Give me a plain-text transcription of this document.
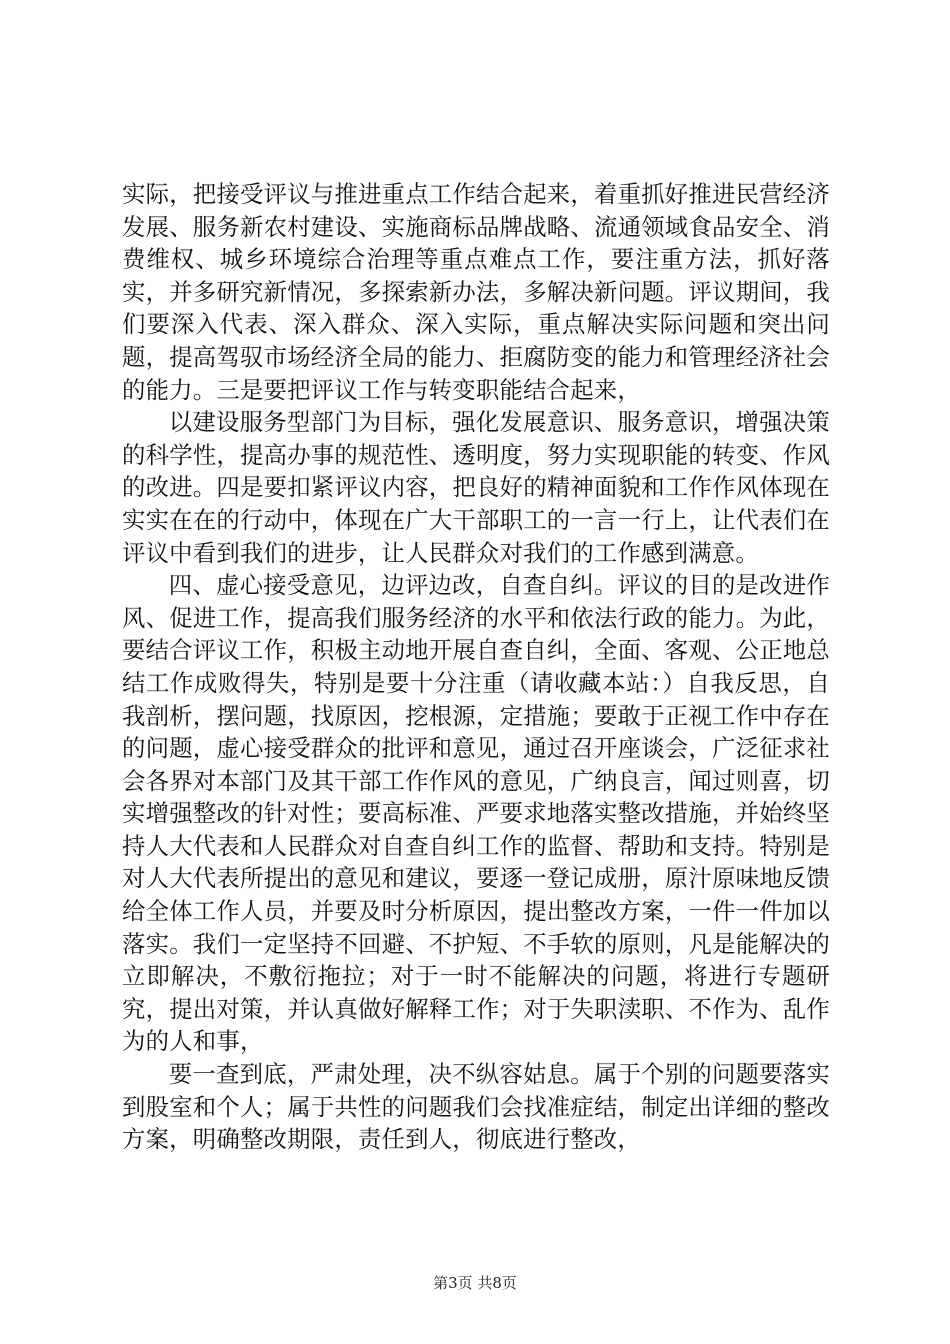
实际，把接受评议与推进重点工作结合起来，着重抓好推进民营经济发展、服务新农村建设、实施商标品牌战略、流通领域食品安全、消费维权、城乡环境综合治理等重点难点工作，要注重方法，抓好落实，并多研究新情况，多探索新办法，多解决新问题。评议期间，我们要深入代表、深入群众、深入实际，重点解决实际问题和突出问题，提高驾驭市场经济全局的能力、拒腐防变的能力和管理经济社会的能力。三是要把评议工作与转变职能结合起来，

以建设服务型部门为目标，强化发展意识、服务意识，增强决策的科学性，提高办事的规范性、透明度，努力实现职能的转变、作风的改进。四是要扣紧评议内容，把良好的精神面貌和工作作风体现在实实在在的行动中，体现在广大干部职工的一言一行上，让代表们在评议中看到我们的进步，让人民群众对我们的工作感到满意。

四、虚心接受意见，边评边改，自查自纠。评议的目的是改进作风、促进工作，提高我们服务经济的水平和依法行政的能力。为此，要结合评议工作，积极主动地开展自查自纠，全面、客观、公正地总结工作成败得失，特别是要十分注重（请收藏本站：）自我反思，自我剖析，摆问题，找原因，挖根源，定措施；要敢于正视工作中存在的问题，虚心接受群众的批评和意见，通过召开座谈会，广泛征求社会各界对本部门及其干部工作作风的意见，广纳良言，闻过则喜，切实增强整改的针对性；要高标准、严要求地落实整改措施，并始终坚持人大代表和人民群众对自查自纠工作的监督、帮助和支持。特别是对人大代表所提出的意见和建议，要逐一登记成册，原汁原味地反馈给全体工作人员，并要及时分析原因，提出整改方案，一件一件加以落实。我们一定坚持不回避、不护短、不手软的原则，凡是能解决的立即解决，不敷衍拖拉；对于一时不能解决的问题，将进行专题研究，提出对策，并认真做好解释工作；对于失职渎职、不作为、乱作为的人和事，

要一查到底，严肃处理，决不纵容姑息。属于个别的问题要落实到股室和个人；属于共性的问题我们会找准症结，制定出详细的整改方案，明确整改期限，责任到人，彻底进行整改，

第3页 共8页
